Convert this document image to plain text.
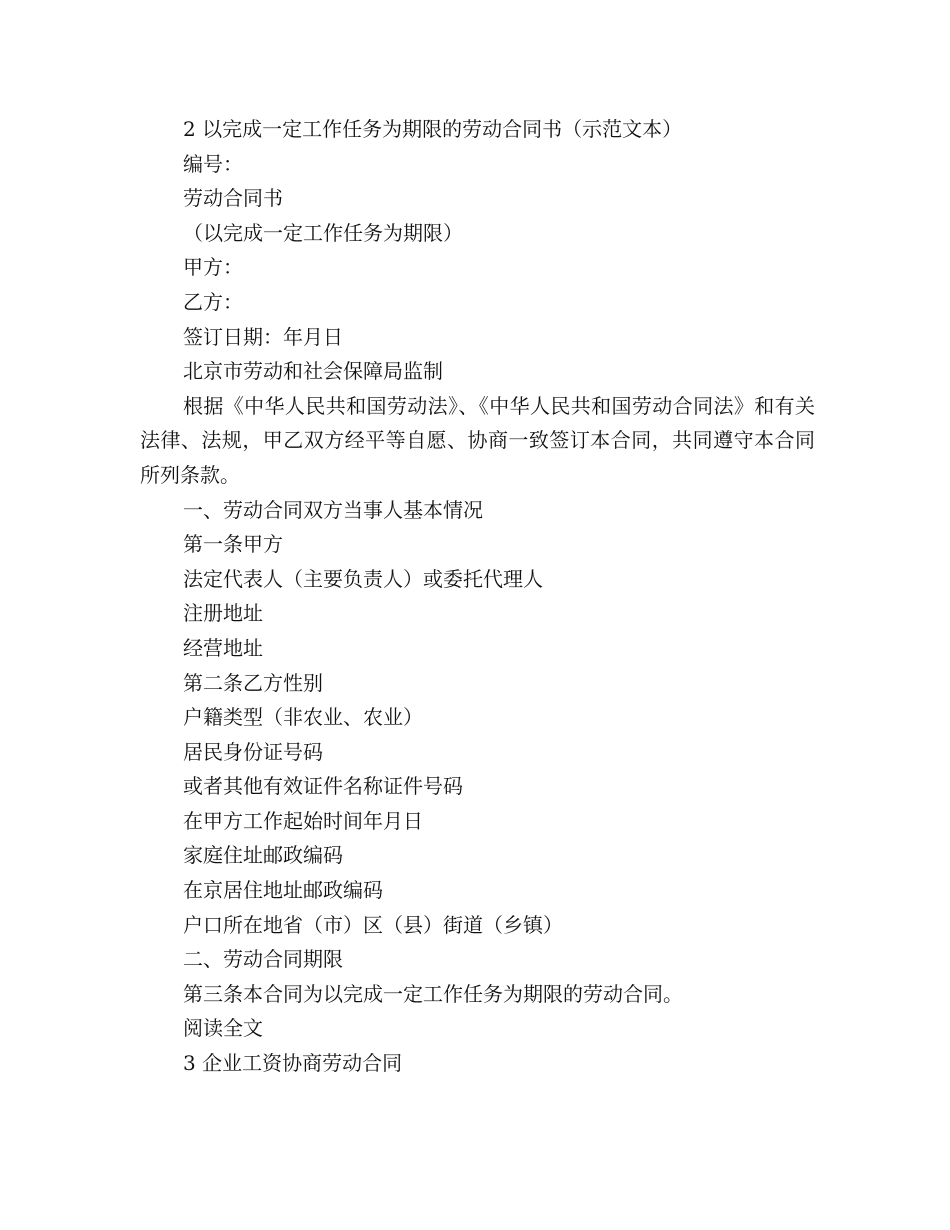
2 以完成一定工作任务为期限的劳动合同书（示范文本）

编号：

劳动合同书

（以完成一定工作任务为期限）

甲方：

乙方：

签订日期：年月日

北京市劳动和社会保障局监制

根据《中华人民共和国劳动法》、《中华人民共和国劳动合同法》和有关法律、法规，甲乙双方经平等自愿、协商一致签订本合同，共同遵守本合同所列条款。

一、劳动合同双方当事人基本情况

第一条甲方

法定代表人（主要负责人）或委托代理人

注册地址

经营地址

第二条乙方性别

户籍类型（非农业、农业）

居民身份证号码

或者其他有效证件名称证件号码

在甲方工作起始时间年月日

家庭住址邮政编码

在京居住地址邮政编码

户口所在地省（市）区（县）街道（乡镇）

二、劳动合同期限

第三条本合同为以完成一定工作任务为期限的劳动合同。

阅读全文

3 企业工资协商劳动合同
